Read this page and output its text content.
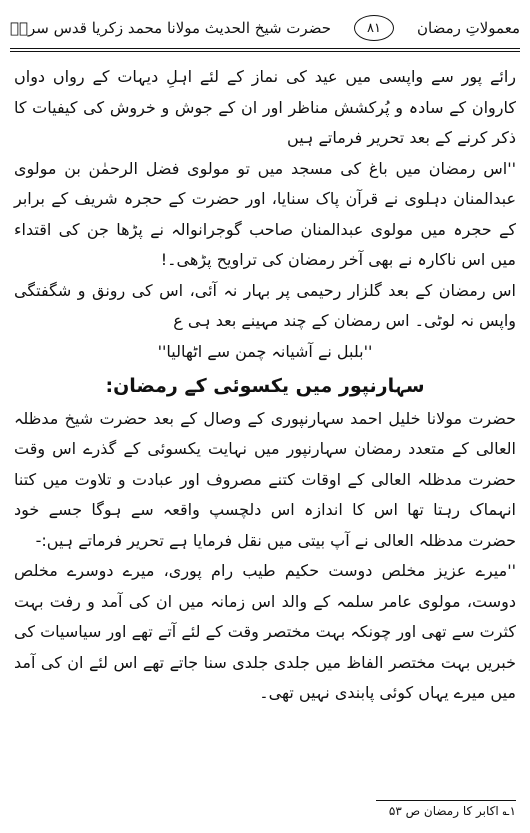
معمولاتِ رمضان
۸۱
حضرت شیخ الحدیث مولانا محمد زکریا قدس سرہٗ

رائے پور سے واپسی میں عید کی نماز کے لئے اہلِ دیہات کے رواں دواں کاروان کے سادہ و پُرکشش مناظر اور ان کے جوش و خروش کی کیفیات کا ذکر کرنے کے بعد تحریر فرماتے ہیں

''اس رمضان میں باغ کی مسجد میں تو مولوی فضل الرحمٰن بن مولوی عبدالمنان دہلوی نے قرآن پاک سنایا، اور حضرت کے حجرہ شریف کے برابر کے حجرہ میں مولوی عبدالمنان صاحب گوجرانوالہ نے پڑھا جن کی اقتداء میں اس ناکارہ نے بھی آخر رمضان کی تراویح پڑھی۔!

اس رمضان کے بعد گلزار رحیمی پر بہار نہ آئی، اس کی رونق و شگفتگی واپس نہ لوٹی۔ اس رمضان کے چند مہینے بعد ہی ع

''بلبل نے آشیانہ چمن سے اٹھالیا''

سہارنپور میں یکسوئی کے رمضان:

حضرت مولانا خلیل احمد سہارنپوری کے وصال کے بعد حضرت شیخ مدظلہ العالی کے متعدد رمضان سہارنپور میں نہایت یکسوئی کے گذرے اس وقت حضرت مدظلہ العالی کے اوقات کتنے مصروف اور عبادت و تلاوت میں کتنا انہماک رہتا تھا اس کا اندازہ اس دلچسپ واقعہ سے ہوگا جسے خود حضرت مدظلہ العالی نے آپ بیتی میں نقل فرمایا ہے تحریر فرماتے ہیں:-

''میرے عزیز مخلص دوست حکیم طیب رام پوری، میرے دوسرے مخلص دوست، مولوی عامر سلمہ کے والد اس زمانہ میں ان کی آمد و رفت بہت کثرت سے تھی اور چونکہ بہت مختصر وقت کے لئے آتے تھے اور سیاسیات کی خبریں بہت مختصر الفاظ میں جلدی جلدی سنا جاتے تھے اس لئے ان کی آمد میں میرے یہاں کوئی پابندی نہیں تھی۔

۱؎ اکابر کا رمضان ص ۵۳
